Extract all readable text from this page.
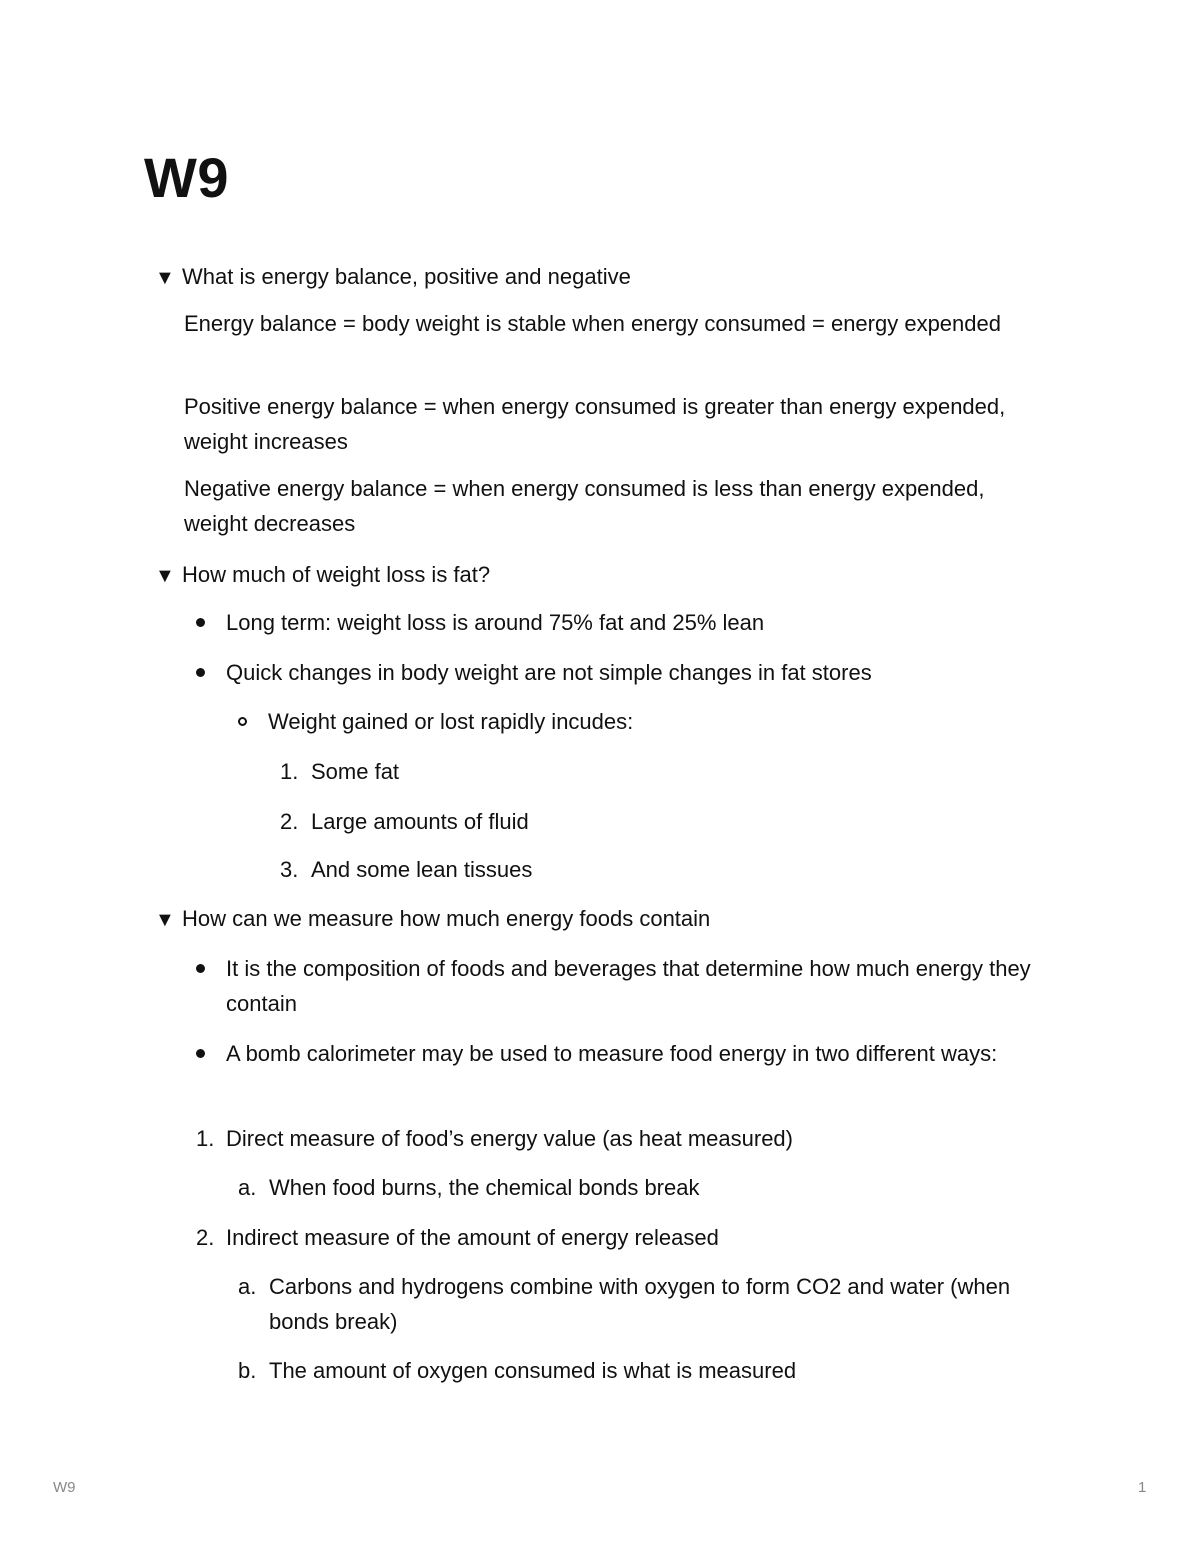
W9
▼ What is energy balance, positive and negative
Energy balance = body weight is stable when energy consumed = energy expended
Positive energy balance = when energy consumed is greater than energy expended, weight increases
Negative energy balance = when energy consumed is less than energy expended, weight decreases
▼ How much of weight loss is fat?
Long term: weight loss is around 75% fat and 25% lean
Quick changes in body weight are not simple changes in fat stores
Weight gained or lost rapidly incudes:
1. Some fat
2. Large amounts of fluid
3. And some lean tissues
▼ How can we measure how much energy foods contain
It is the composition of foods and beverages that determine how much energy they contain
A bomb calorimeter may be used to measure food energy in two different ways:
1. Direct measure of food’s energy value (as heat measured)
a. When food burns, the chemical bonds break
2. Indirect measure of the amount of energy released
a. Carbons and hydrogens combine with oxygen to form CO2 and water (when bonds break)
b. The amount of oxygen consumed is what is measured
W9	1
